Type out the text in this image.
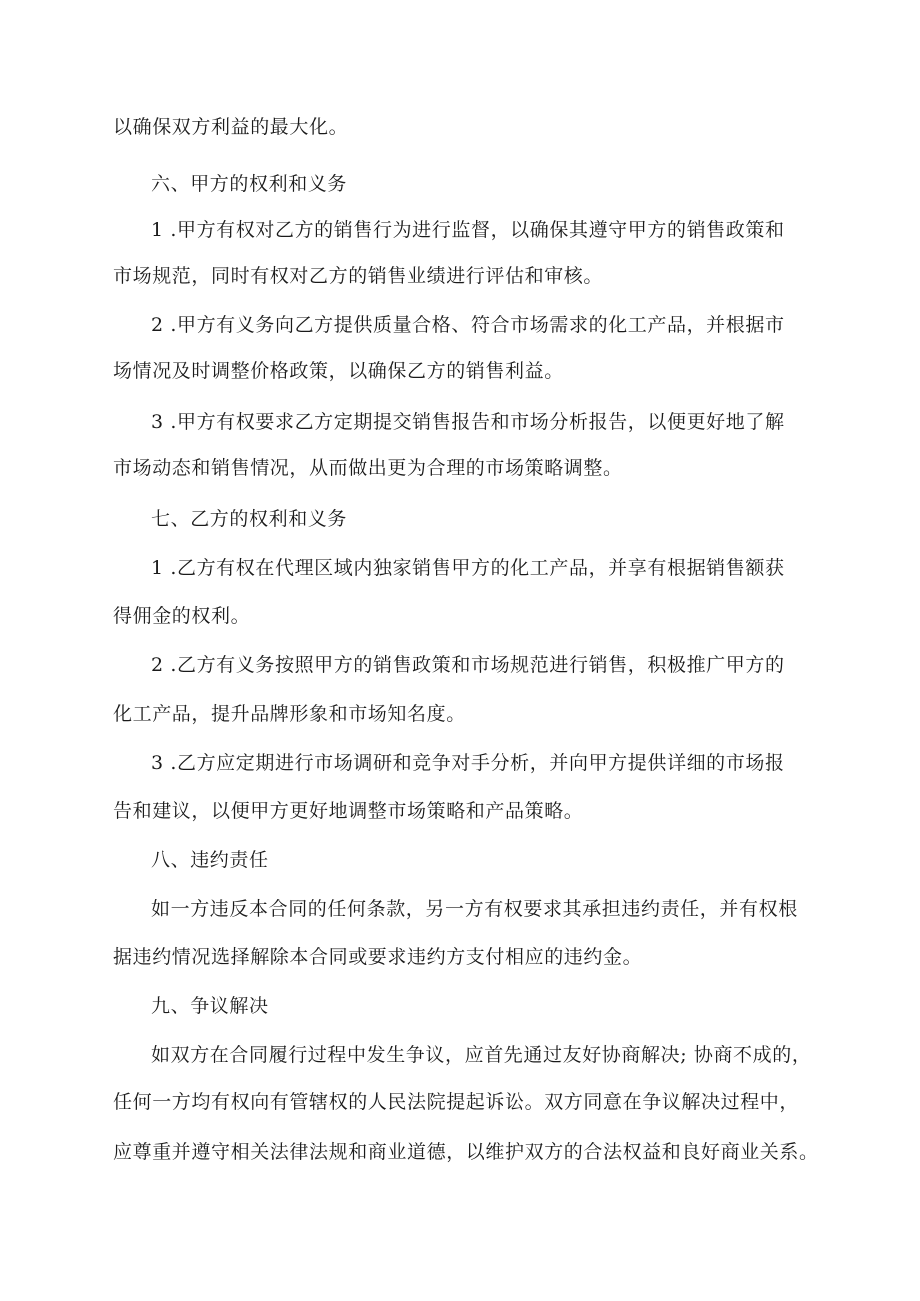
以确保双方利益的最大化。
六、甲方的权利和义务
1 .甲方有权对乙方的销售行为进行监督，以确保其遵守甲方的销售政策和
市场规范，同时有权对乙方的销售业绩进行评估和审核。
2 .甲方有义务向乙方提供质量合格、符合市场需求的化工产品，并根据市
场情况及时调整价格政策，以确保乙方的销售利益。
3 .甲方有权要求乙方定期提交销售报告和市场分析报告，以便更好地了解
市场动态和销售情况，从而做出更为合理的市场策略调整。
七、乙方的权利和义务
1 .乙方有权在代理区域内独家销售甲方的化工产品，并享有根据销售额获
得佣金的权利。
2 .乙方有义务按照甲方的销售政策和市场规范进行销售，积极推广甲方的
化工产品，提升品牌形象和市场知名度。
3 .乙方应定期进行市场调研和竞争对手分析，并向甲方提供详细的市场报
告和建议，以便甲方更好地调整市场策略和产品策略。
八、违约责任
如一方违反本合同的任何条款，另一方有权要求其承担违约责任，并有权根
据违约情况选择解除本合同或要求违约方支付相应的违约金。
九、争议解决
如双方在合同履行过程中发生争议，应首先通过友好协商解决; 协商不成的，
任何一方均有权向有管辖权的人民法院提起诉讼。双方同意在争议解决过程中，
应尊重并遵守相关法律法规和商业道德，以维护双方的合法权益和良好商业关系。
